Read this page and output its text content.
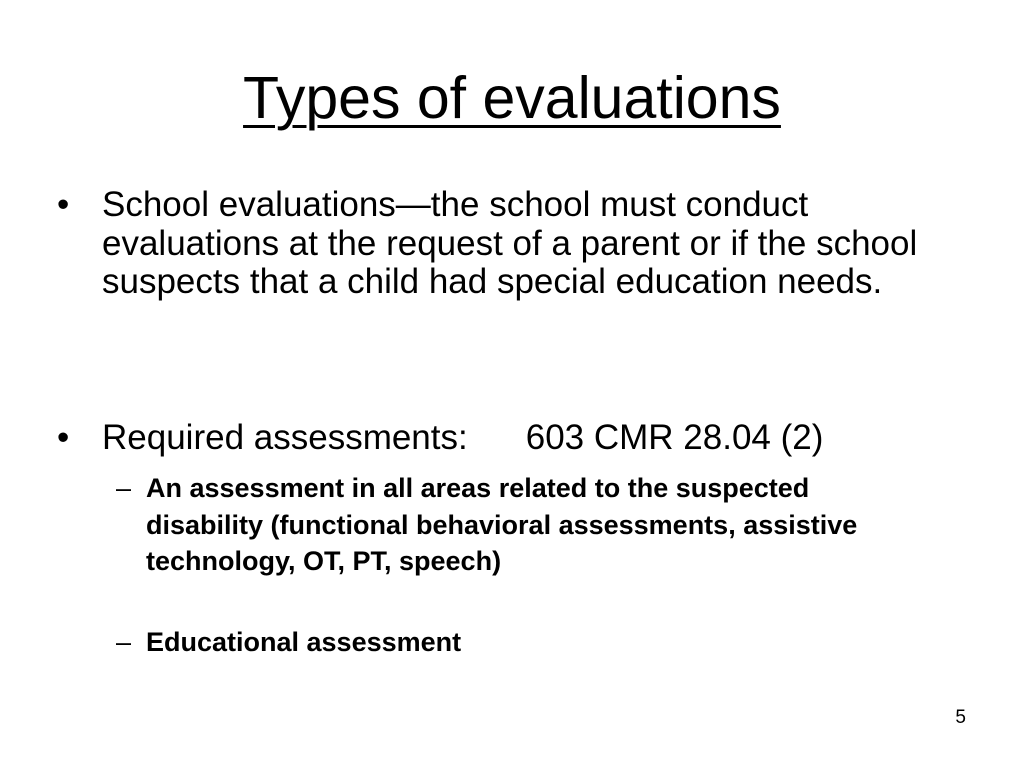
Types of evaluations
• School evaluations—the school must conduct evaluations at the request of a parent or if the school suspects that a child had special education needs.
• Required assessments: 603 CMR 28.04 (2)
– An assessment in all areas related to the suspected disability (functional behavioral assessments, assistive technology, OT, PT, speech)
– Educational assessment
5
